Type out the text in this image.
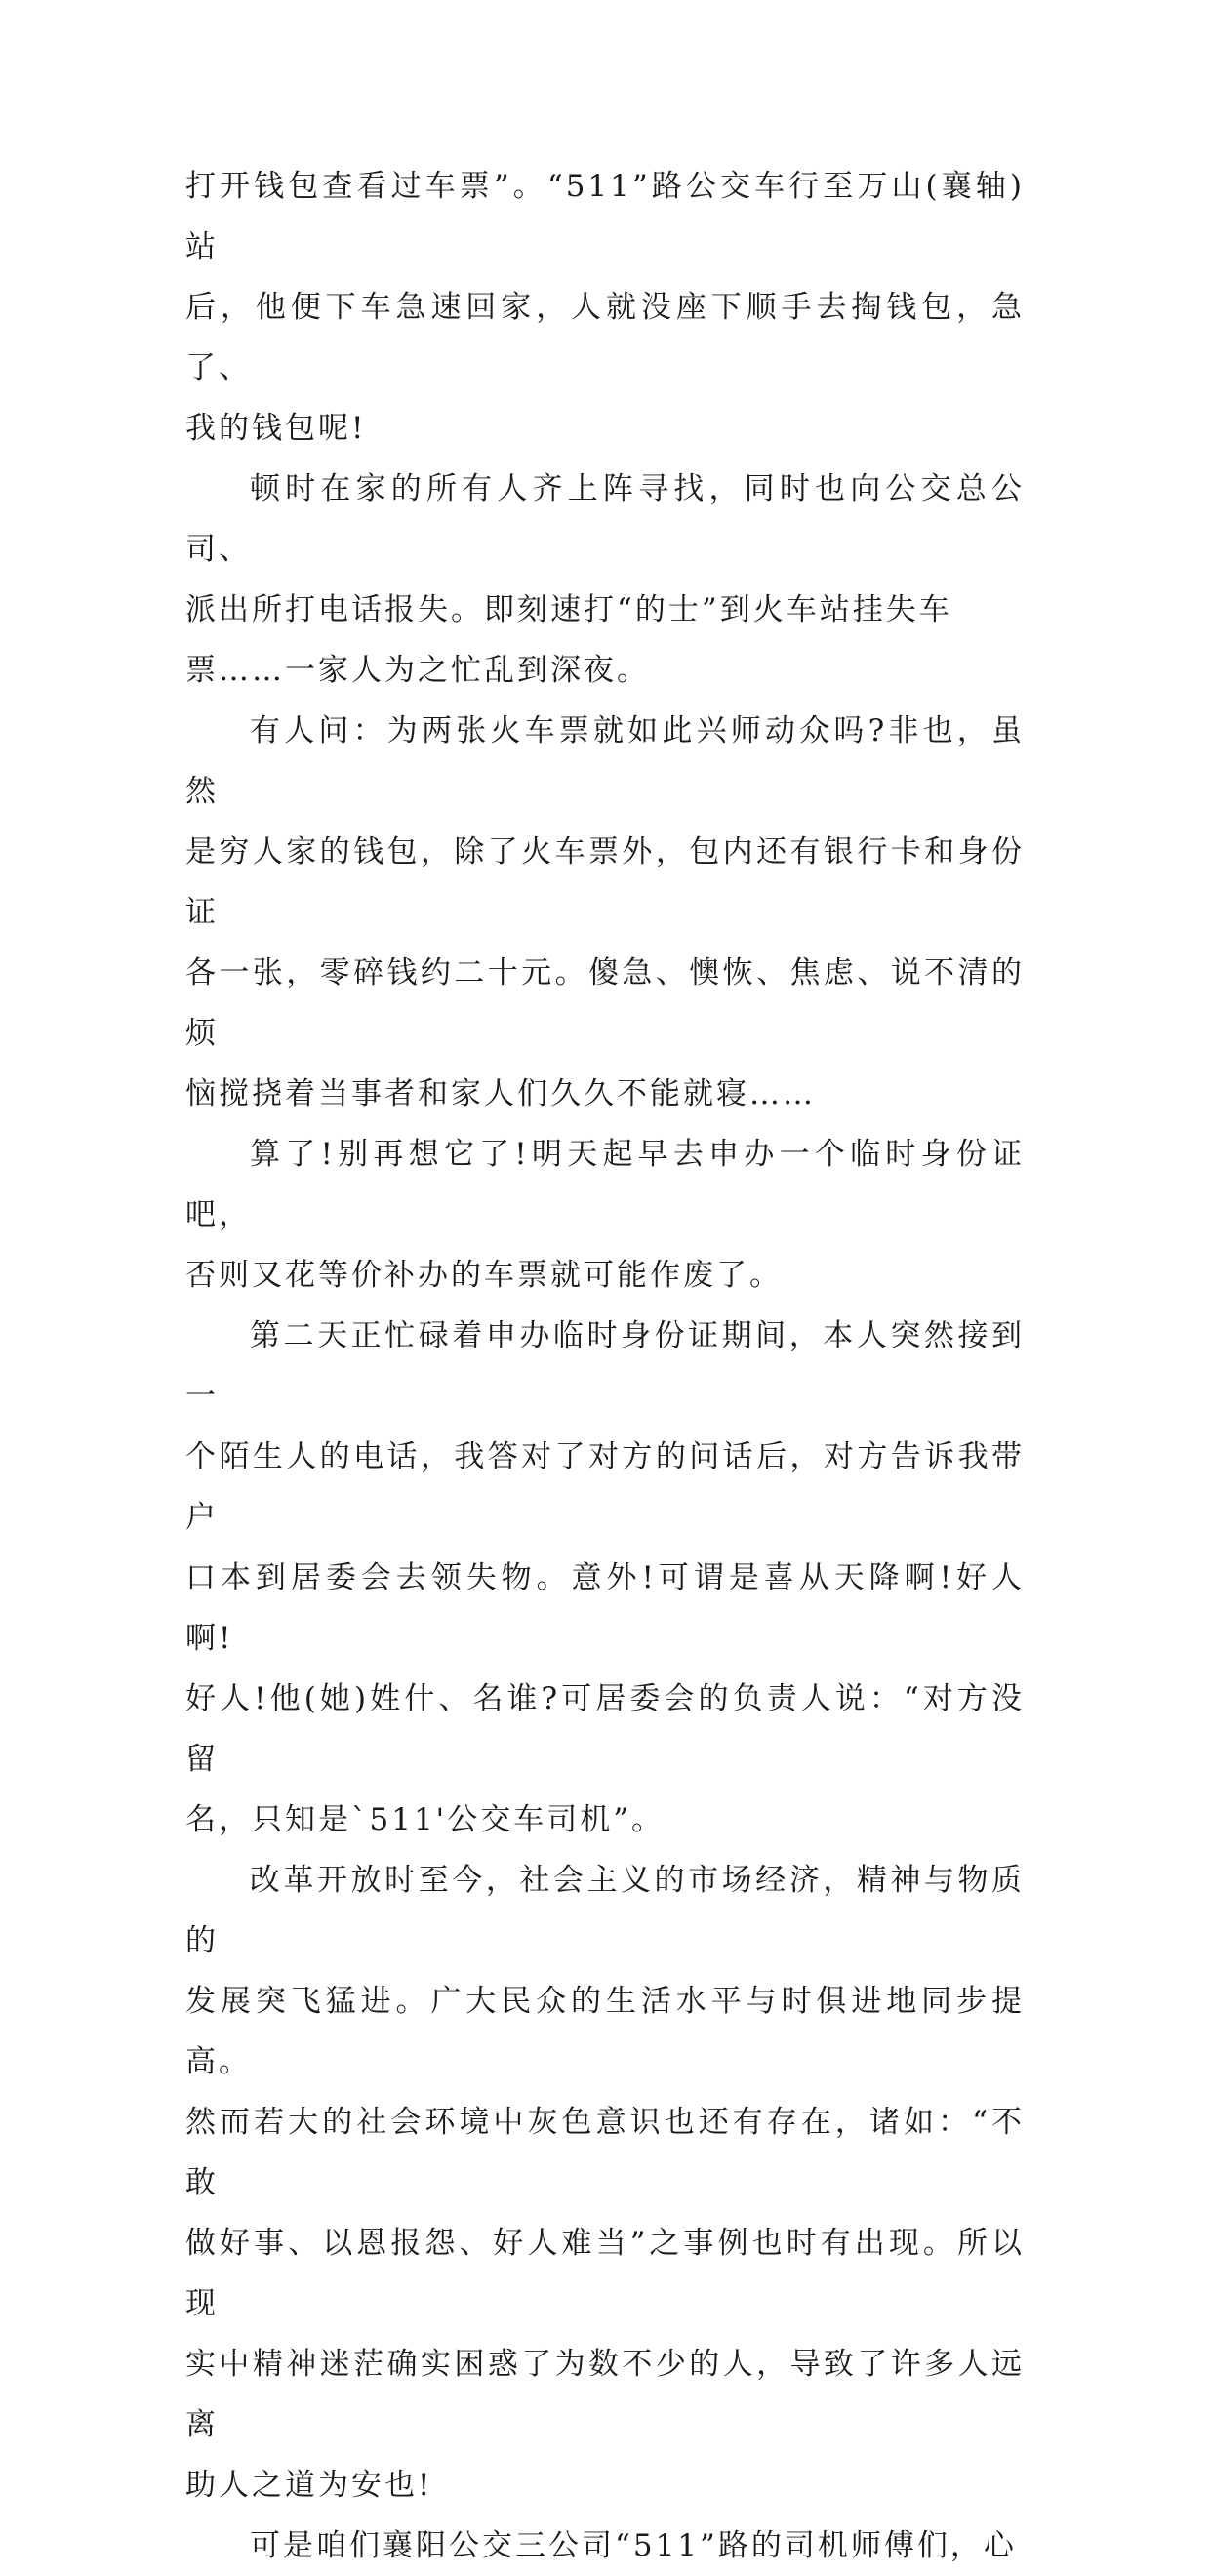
打开钱包查看过车票”。“511”路公交车行至万山(襄轴)站
后，他便下车急速回家，人就没座下顺手去掏钱包，急了、
我的钱包呢!

顿时在家的所有人齐上阵寻找，同时也向公交总公司、
派出所打电话报失。即刻速打“的士”到火车站挂失车
票……一家人为之忙乱到深夜。

有人问：为两张火车票就如此兴师动众吗?非也，虽然
是穷人家的钱包，除了火车票外，包内还有银行卡和身份证
各一张，零碎钱约二十元。傻急、懊恢、焦虑、说不清的烦
恼搅挠着当事者和家人们久久不能就寝……

算了!别再想它了!明天起早去申办一个临时身份证吧，
否则又花等价补办的车票就可能作废了。

第二天正忙碌着申办临时身份证期间，本人突然接到一
个陌生人的电话，我答对了对方的问话后，对方告诉我带户
口本到居委会去领失物。意外!可谓是喜从天降啊!好人啊!
好人!他(她)姓什、名谁?可居委会的负责人说：“对方没留
名，只知是`511'公交车司机”。

改革开放时至今，社会主义的市场经济，精神与物质的
发展突飞猛进。广大民众的生活水平与时俱进地同步提高。
然而若大的社会环境中灰色意识也还有存在，诸如：“不敢
做好事、以恩报怨、好人难当”之事例也时有出现。所以现
实中精神迷茫确实困惑了为数不少的人，导致了许多人远离
助人之道为安也!

可是咱们襄阳公交三公司“511”路的司机师傅们，心
